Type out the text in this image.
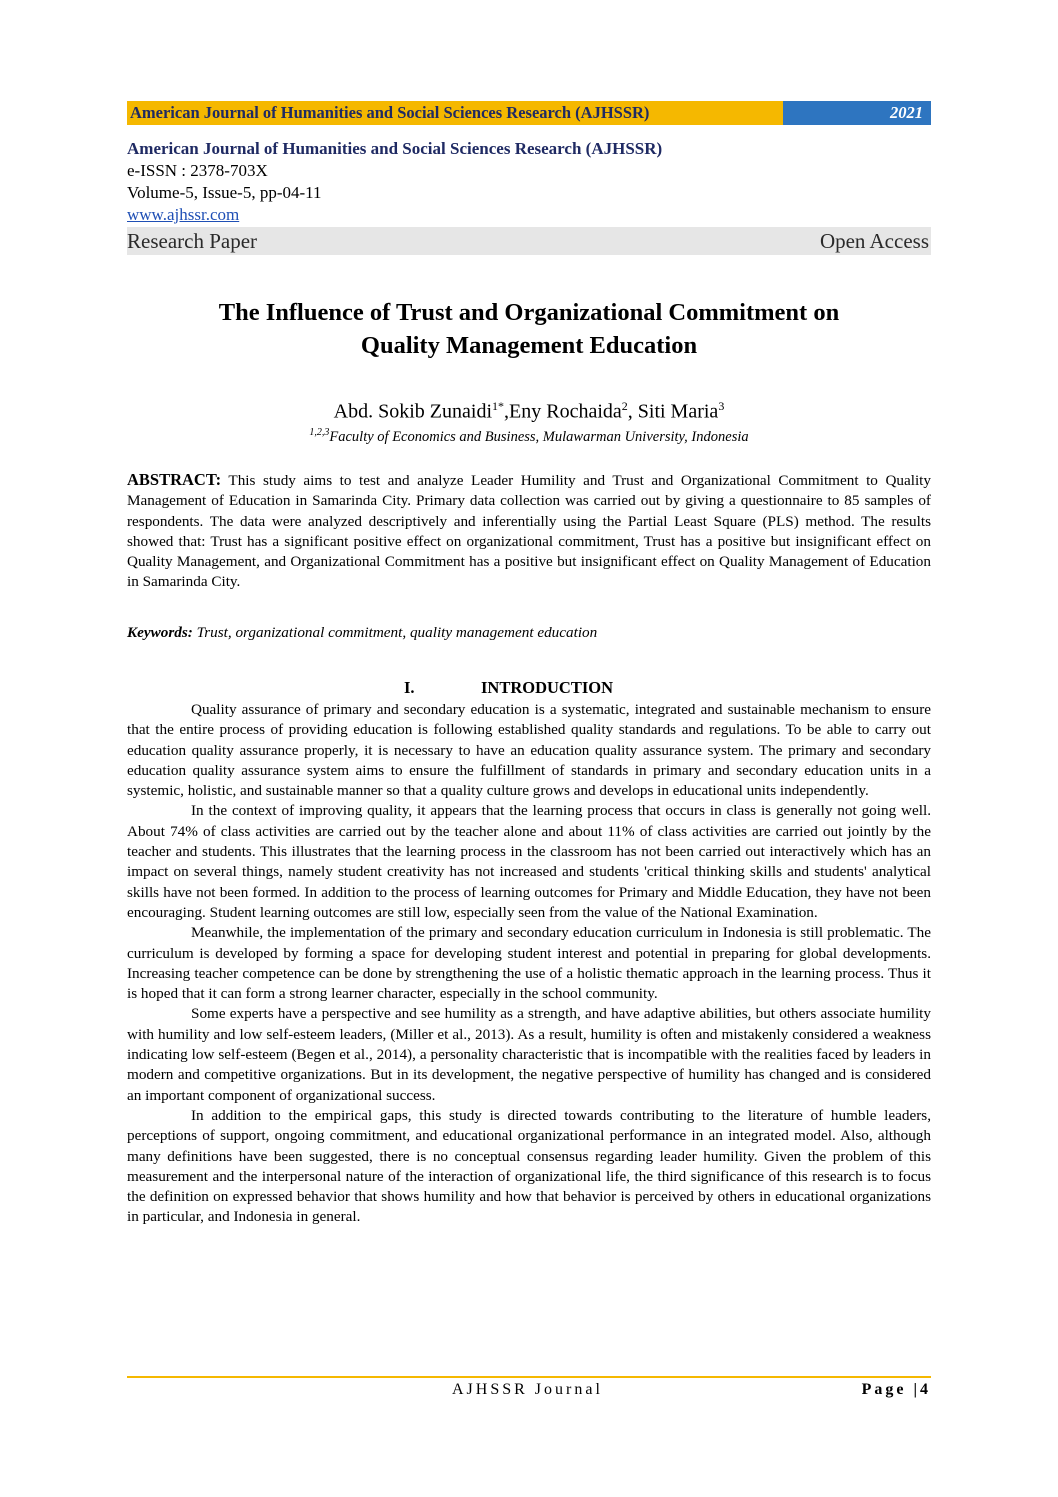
American Journal of Humanities and Social Sciences Research (AJHSSR)	2021
American Journal of Humanities and Social Sciences Research (AJHSSR)
e-ISSN : 2378-703X
Volume-5, Issue-5, pp-04-11
www.ajhssr.com
Research Paper	Open Access
The Influence of Trust and Organizational Commitment on
Quality Management Education
Abd. Sokib Zunaidi$^{1*}$,Eny Rochaida$^2$, Siti Maria$^3$
$^{1,2,3}$Faculty of Economics and Business, Mulawarman University, Indonesia
ABSTRACT: This study aims to test and analyze Leader Humility and Trust and Organizational Commitment to Quality Management of Education in Samarinda City. Primary data collection was carried out by giving a questionnaire to 85 samples of respondents. The data were analyzed descriptively and inferentially using the Partial Least Square (PLS) method. The results showed that: Trust has a significant positive effect on organizational commitment, Trust has a positive but insignificant effect on Quality Management, and Organizational Commitment has a positive but insignificant effect on Quality Management of Education in Samarinda City.
Keywords: Trust, organizational commitment, quality management education
I.	INTRODUCTION

Quality assurance of primary and secondary education is a systematic, integrated and sustainable mechanism to ensure that the entire process of providing education is following established quality standards and regulations. To be able to carry out education quality assurance properly, it is necessary to have an education quality assurance system. The primary and secondary education quality assurance system aims to ensure the fulfillment of standards in primary and secondary education units in a systemic, holistic, and sustainable manner so that a quality culture grows and develops in educational units independently.

In the context of improving quality, it appears that the learning process that occurs in class is generally not going well. About 74% of class activities are carried out by the teacher alone and about 11% of class activities are carried out jointly by the teacher and students. This illustrates that the learning process in the classroom has not been carried out interactively which has an impact on several things, namely student creativity has not increased and students 'critical thinking skills and students' analytical skills have not been formed. In addition to the process of learning outcomes for Primary and Middle Education, they have not been encouraging. Student learning outcomes are still low, especially seen from the value of the National Examination.

Meanwhile, the implementation of the primary and secondary education curriculum in Indonesia is still problematic. The curriculum is developed by forming a space for developing student interest and potential in preparing for global developments. Increasing teacher competence can be done by strengthening the use of a holistic thematic approach in the learning process. Thus it is hoped that it can form a strong learner character, especially in the school community.

Some experts have a perspective and see humility as a strength, and have adaptive abilities, but others associate humility with humility and low self-esteem leaders, (Miller et al., 2013). As a result, humility is often and mistakenly considered a weakness indicating low self-esteem (Begen et al., 2014), a personality characteristic that is incompatible with the realities faced by leaders in modern and competitive organizations. But in its development, the negative perspective of humility has changed and is considered an important component of organizational success.

In addition to the empirical gaps, this study is directed towards contributing to the literature of humble leaders, perceptions of support, ongoing commitment, and educational organizational performance in an integrated model. Also, although many definitions have been suggested, there is no conceptual consensus regarding leader humility. Given the problem of this measurement and the interpersonal nature of the interaction of organizational life, the third significance of this research is to focus the definition on expressed behavior that shows humility and how that behavior is perceived by others in educational organizations in particular, and Indonesia in general.

AJHSSR Journal	Page |4
